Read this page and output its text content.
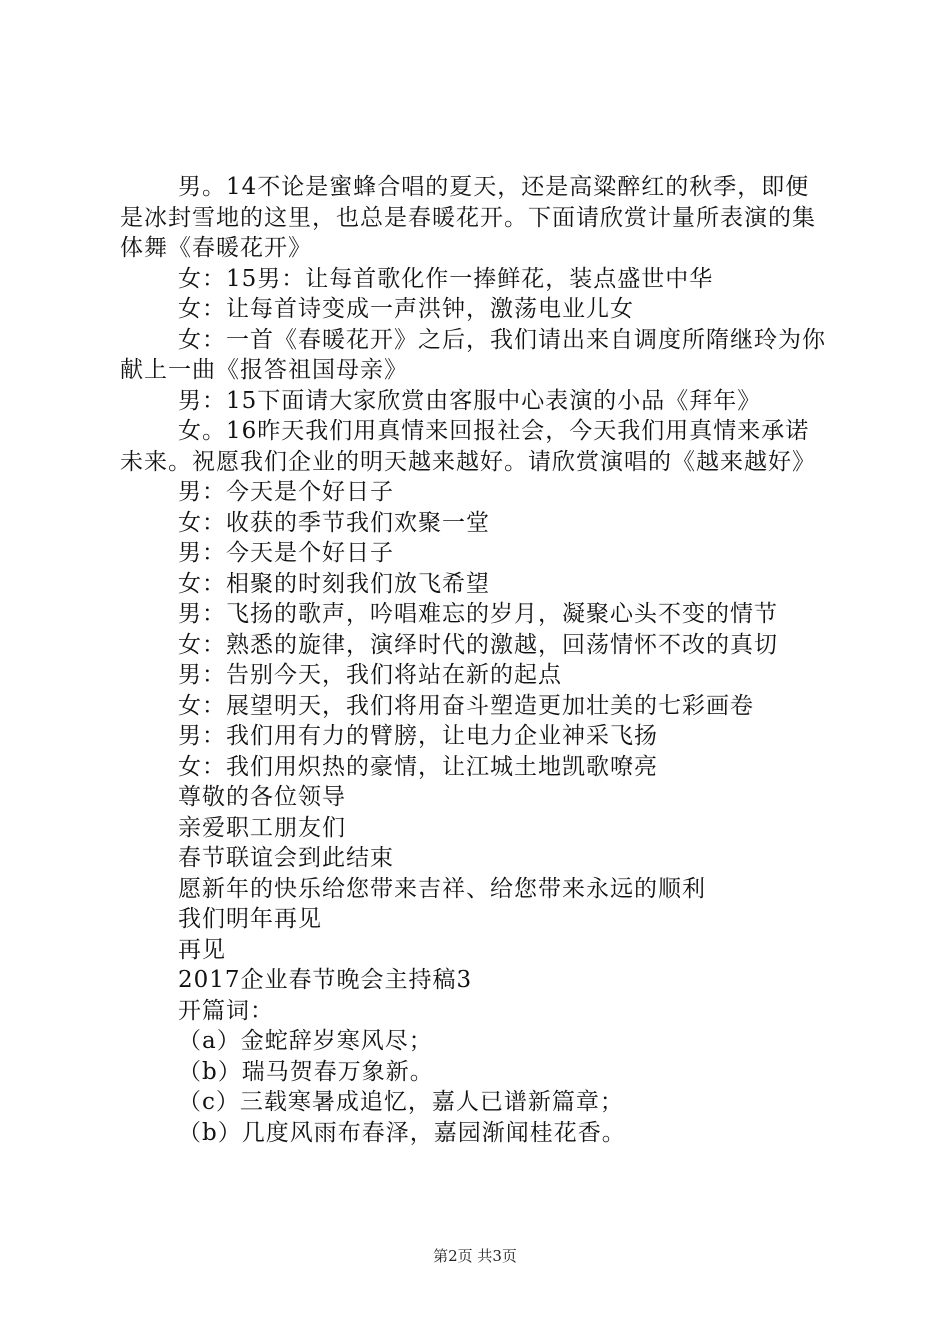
男。14不论是蜜蜂合唱的夏天，还是高粱醉红的秋季，即便是冰封雪地的这里，也总是春暖花开。下面请欣赏计量所表演的集体舞《春暖花开》

女：15男：让每首歌化作一捧鲜花，装点盛世中华

女：让每首诗变成一声洪钟，激荡电业儿女

女：一首《春暖花开》之后，我们请出来自调度所隋继玲为你献上一曲《报答祖国母亲》

男：15下面请大家欣赏由客服中心表演的小品《拜年》

女。16昨天我们用真情来回报社会，今天我们用真情来承诺未来。祝愿我们企业的明天越来越好。请欣赏演唱的《越来越好》

男：今天是个好日子

女：收获的季节我们欢聚一堂

男：今天是个好日子

女：相聚的时刻我们放飞希望

男：飞扬的歌声，吟唱难忘的岁月，凝聚心头不变的情节

女：熟悉的旋律，演绎时代的激越，回荡情怀不改的真切

男：告别今天，我们将站在新的起点

女：展望明天，我们将用奋斗塑造更加壮美的七彩画卷

男：我们用有力的臂膀，让电力企业神采飞扬

女：我们用炽热的豪情，让江城土地凯歌嘹亮

尊敬的各位领导

亲爱职工朋友们

春节联谊会到此结束

愿新年的快乐给您带来吉祥、给您带来永远的顺利

我们明年再见

再见

2017企业春节晚会主持稿3

开篇词：

（a）金蛇辞岁寒风尽；

（b）瑞马贺春万象新。

（c）三载寒暑成追忆，嘉人已谱新篇章；

（b）几度风雨布春泽，嘉园渐闻桂花香。

第2页 共3页
